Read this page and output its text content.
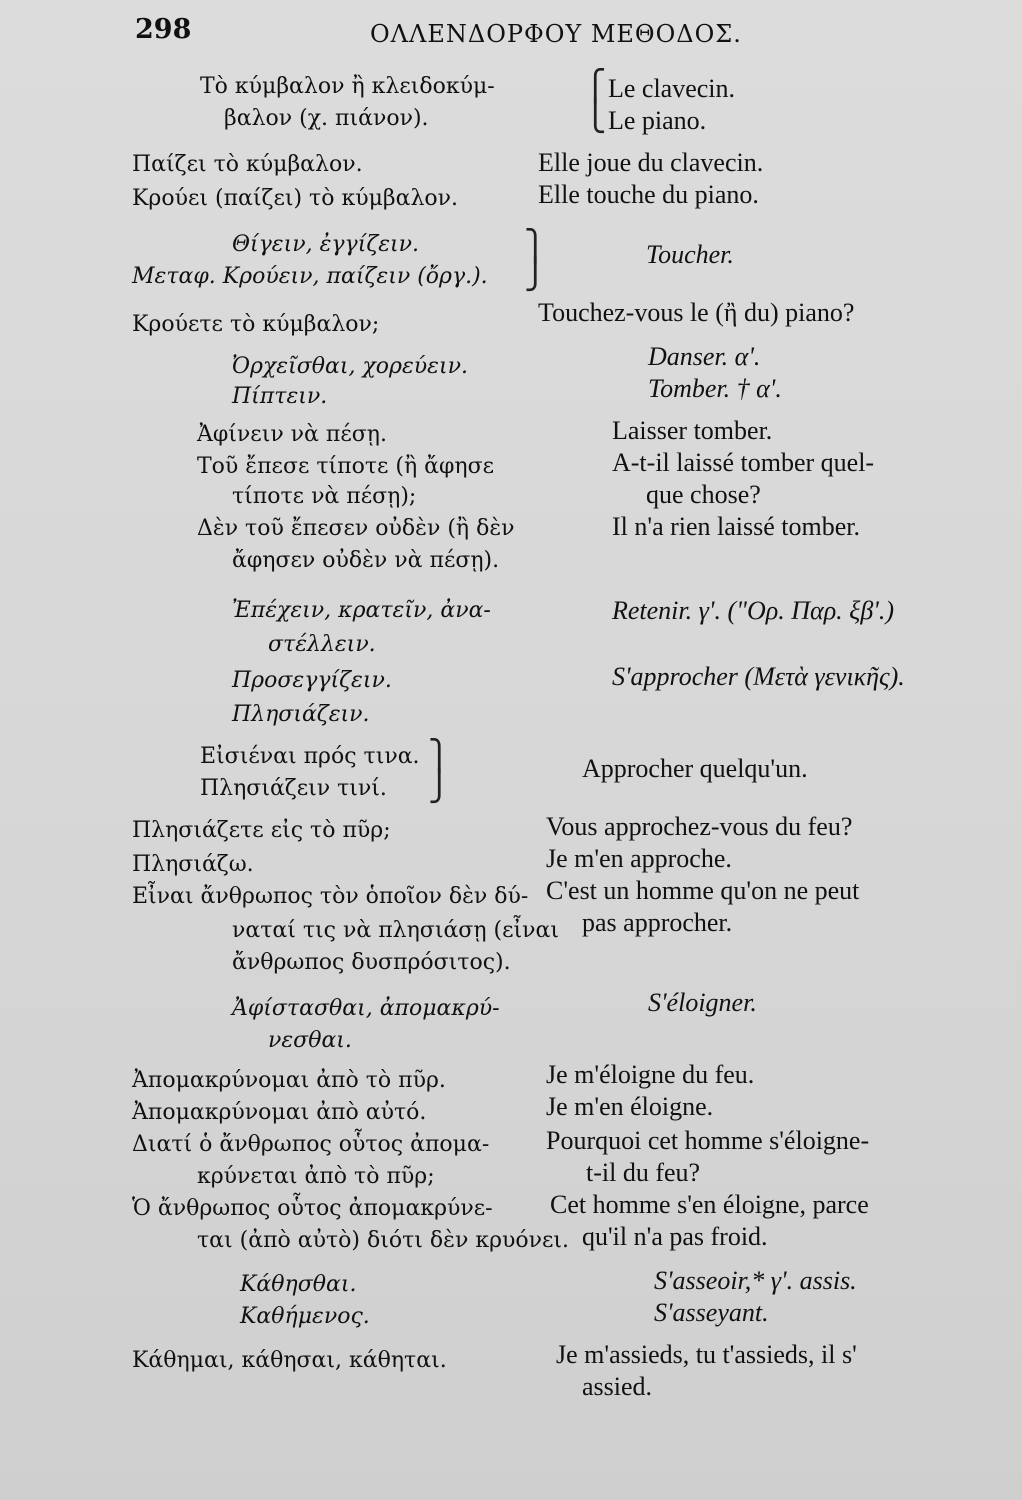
298	ΟΛΛΕΝΔΟΡΦΟΥ ΜΕΘΟΔΟΣ.
Τὸ κύμβαλον ἢ κλειδοκύμ-
βαλον (χ. πιάνον).
Παίζει τὸ κύμβαλον.
Κρούει (παίζει) τὸ κύμβαλον.
Θίγειν, ἐγγίζειν.
Μεταφ. Κρούειν, παίζειν (ὄργ.).
Κρούετε τὸ κύμβαλον;
Ὀρχεῖσθαι, χορεύειν.
Πίπτειν.
Ἀφίνειν νὰ πέσῃ.
Τοῦ ἔπεσε τίποτε (ἢ ἄφησε
τίποτε νὰ πέσῃ);
Δὲν τοῦ ἔπεσεν οὐδὲν (ἢ δὲν
ἄφησεν οὐδὲν νὰ πέσῃ).
Ἐπέχειν, κρατεῖν, ἀνα-
στέλλειν.
Προσεγγίζειν.
Πλησιάζειν.
Εἰσιέναι πρός τινα.
Πλησιάζειν τινί.
Πλησιάζετε εἰς τὸ πῦρ;
Πλησιάζω.
Εἶναι ἄνθρωπος τὸν ὁποῖον δὲν δύ-
ναταί τις νὰ πλησιάσῃ (εἶναι
ἄνθρωπος δυσπρόσιτος).
Ἀφίστασθαι, ἀπομακρύ-
νεσθαι.
Ἀπομακρύνομαι ἀπὸ τὸ πῦρ.
Ἀπομακρύνομαι ἀπὸ αὐτό.
Διατί ὁ ἄνθρωπος οὗτος ἀπομα-
κρύνεται ἀπὸ τὸ πῦρ;
Ὁ ἄνθρωπος οὗτος ἀπομακρύνε-
ται (ἀπὸ αὐτὸ) διότι δὲν κρυόνει.
Κάθησθαι.
Καθήμενος.
Κάθημαι, κάθησαι, κάθηται.
⎫
⎭
⎫
⎭
⎧
⎩
Le clavecin.
Le piano.
Elle joue du clavecin.
Elle touche du piano.
Toucher.
Touchez-vous le (ἢ du) piano?
Danser. α'.
Tomber. † α'.
Laisser tomber.
A-t-il laissé tomber quel-
que chose?
Il n'a rien laissé tomber.
Retenir. γ'. ("Ορ. Παρ. ξβ'.)
S'approcher (Μετὰ γενικῆς).
Approcher quelqu'un.
Vous approchez-vous du feu?
Je m'en approche.
C'est un homme qu'on ne peut
pas approcher.
S'éloigner.
Je m'éloigne du feu.
Je m'en éloigne.
Pourquoi cet homme s'éloigne-
t-il du feu?
Cet homme s'en éloigne, parce
qu'il n'a pas froid.
S'asseoir,* γ'. assis.
S'asseyant.
Je m'assieds, tu t'assieds, il s'
assied.
